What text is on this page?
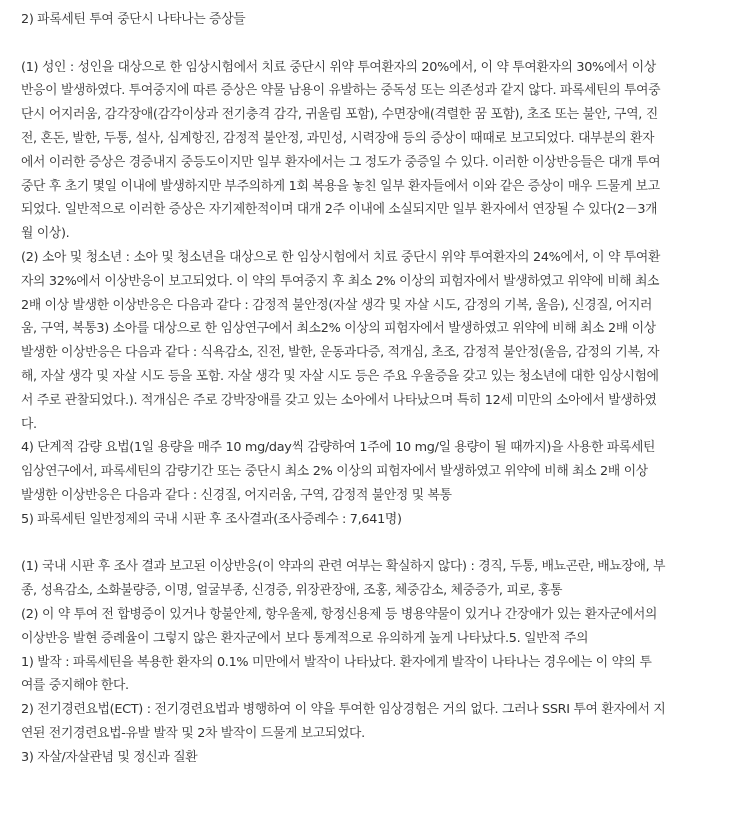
2) 파록세틴 투여 중단시 나타나는 증상들
(1) 성인 : 성인을 대상으로 한 임상시험에서 치료 중단시 위약 투여환자의 20%에서, 이 약 투여환자의 30%에서 이상
반응이 발생하였다. 투여중지에 따른 증상은 약물 남용이 유발하는 중독성 또는 의존성과 같지 않다. 파록세틴의 투여중
단시 어지러움, 감각장애(감각이상과 전기충격 감각, 귀울림 포함), 수면장애(격렬한 꿈 포함), 초조 또는 불안, 구역, 진
전, 혼돈, 발한, 두통, 설사, 심계항진, 감정적 불안정, 과민성, 시력장애 등의 증상이 때때로 보고되었다. 대부분의 환자
에서 이러한 증상은 경증내지 중등도이지만 일부 환자에서는 그 정도가 중증일 수 있다. 이러한 이상반응들은 대개 투여
중단 후 초기 몇일 이내에 발생하지만 부주의하게 1회 복용을 놓친 일부 환자들에서 이와 같은 증상이 매우 드물게 보고
되었다. 일반적으로 이러한 증상은 자기제한적이며 대개 2주 이내에 소실되지만 일부 환자에서 연장될 수 있다(2－3개
월 이상).
(2) 소아 및 청소년 : 소아 및 청소년을 대상으로 한 임상시험에서 치료 중단시 위약 투여환자의 24%에서, 이 약 투여환
자의 32%에서 이상반응이 보고되었다. 이 약의 투여중지 후 최소 2% 이상의 피험자에서 발생하였고 위약에 비해 최소
2배 이상 발생한 이상반응은 다음과 같다 : 감정적 불안정(자살 생각 및 자살 시도, 감정의 기복, 울음), 신경질, 어지러
움, 구역, 복통3) 소아를 대상으로 한 임상연구에서 최소2% 이상의 피험자에서 발생하였고 위약에 비해 최소 2배 이상
발생한 이상반응은 다음과 같다 : 식욕감소, 진전, 발한, 운동과다증, 적개심, 초조, 감정적 불안정(울음, 감정의 기복, 자
해, 자살 생각 및 자살 시도 등을 포함. 자살 생각 및 자살 시도 등은 주요 우울증을 갖고 있는 청소년에 대한 임상시험에
서 주로 관찰되었다.). 적개심은 주로 강박장애를 갖고 있는 소아에서 나타났으며 특히 12세 미만의 소아에서 발생하였
다.
4) 단계적 감량 요법(1일 용량을 매주 10 mg/day씩 감량하여 1주에 10 mg/일 용량이 될 때까지)을 사용한 파록세틴
임상연구에서, 파록세틴의 감량기간 또는 중단시 최소 2% 이상의 피험자에서 발생하였고 위약에 비해 최소 2배 이상
발생한 이상반응은 다음과 같다 : 신경질, 어지러움, 구역, 감정적 불안정 및 복통
5) 파록세틴 일반정제의 국내 시판 후 조사결과(조사증례수 : 7,641명)
(1) 국내 시판 후 조사 결과 보고된 이상반응(이 약과의 관련 여부는 확실하지 않다) : 경직, 두통, 배뇨곤란, 배뇨장애, 부
종, 성욕감소, 소화불량증, 이명, 얼굴부종, 신경증, 위장관장애, 조홍, 체중감소, 체중증가, 피로, 홍통
(2) 이 약 투여 전 합병증이 있거나 항불안제, 항우울제, 항정신용제 등 병용약물이 있거나 간장애가 있는 환자군에서의
이상반응 발현 증례율이 그렇지 않은 환자군에서 보다 통계적으로 유의하게 높게 나타났다.5. 일반적 주의
1) 발작 : 파록세틴을 복용한 환자의 0.1% 미만에서 발작이 나타났다. 환자에게 발작이 나타나는 경우에는 이 약의 투
여를 중지해야 한다.
2) 전기경련요법(ECT) : 전기경련요법과 병행하여 이 약을 투여한 임상경험은 거의 없다. 그러나 SSRI 투여 환자에서 지
연된 전기경련요법-유발 발작 및 2차 발작이 드물게 보고되었다.
3) 자살/자살관념 및 정신과 질환
